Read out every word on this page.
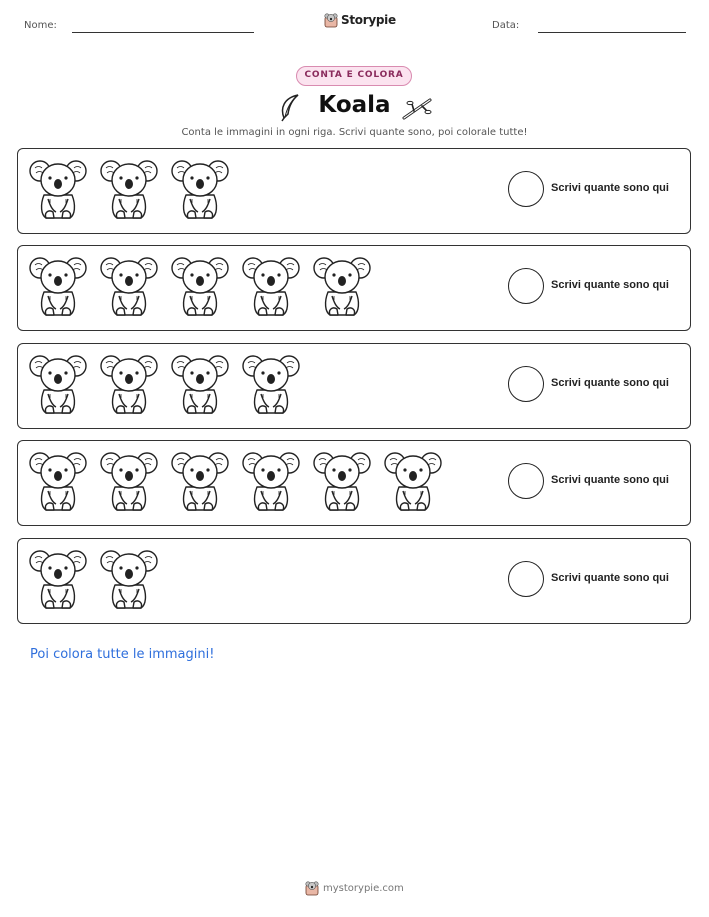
Nome:	Storypie	Data:
CONTA E COLORA
Koala
Conta le immagini in ogni riga. Scrivi quante sono, poi colorale tutte!
Scrivi quante sono qui
Scrivi quante sono qui
Scrivi quante sono qui
Scrivi quante sono qui
Scrivi quante sono qui
Poi colora tutte le immagini!
mystorypie.com
